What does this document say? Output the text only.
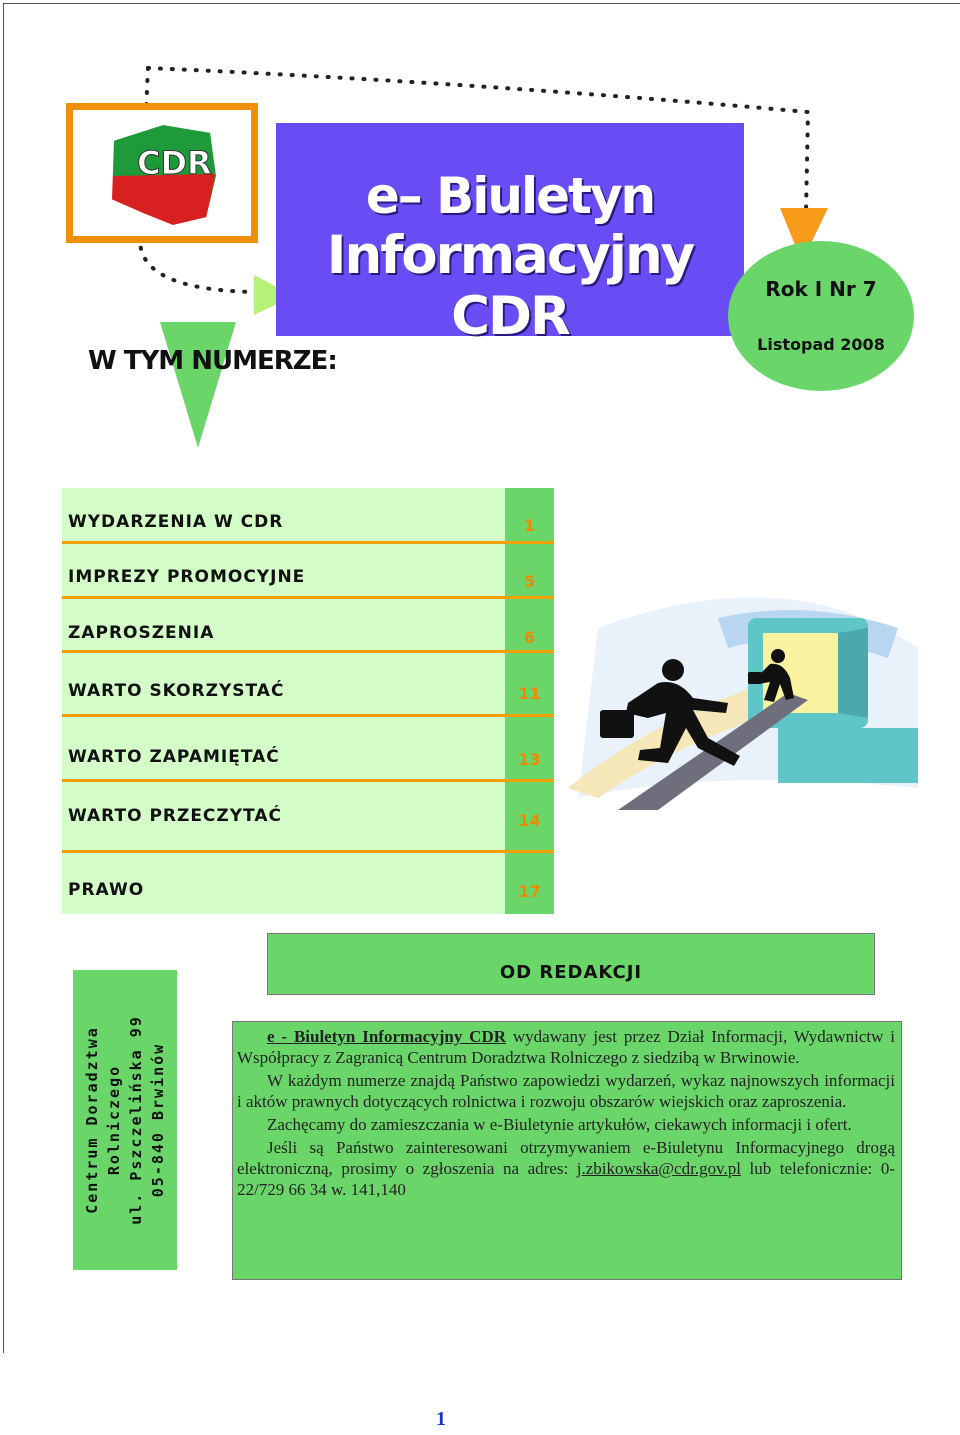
CDR
e– Biuletyn
Informacyjny CDR	Rok I Nr 7
Listopad 2008
W TYM NUMERZE:
WYDARZENIA W CDR	1
IMPREZY PROMOCYJNE	5
ZAPROSZENIA	6
WARTO SKORZYSTAĆ	11
WARTO ZAPAMIĘTAĆ	13
WARTO PRZECZYTAĆ	14
PRAWO	17
OD REDAKCJI
Centrum Doradztwa Rolniczego ul. Pszczelińska 99 05-840 Brwinów

e - Biuletyn Informacyjny CDR wydawany jest przez Dział Informacji, Wydawnictw i Współpracy z Zagranicą Centrum Doradztwa Rolniczego z siedzibą w Brwinowie.

W każdym numerze znajdą Państwo zapowiedzi wydarzeń, wykaz najnowszych informacji i aktów prawnych dotyczących rolnictwa i rozwoju obszarów wiejskich oraz zaproszenia.

Zachęcamy do zamieszczania w e-Biuletynie artykułów, ciekawych informacji i ofert.

Jeśli są Państwo zainteresowani otrzymywaniem e-Biuletynu Informacyjnego drogą elektroniczną, prosimy o zgłoszenia na adres: j.zbikowska@cdr.gov.pl lub telefonicznie: 0-22/729 66 34 w. 141,140

1
